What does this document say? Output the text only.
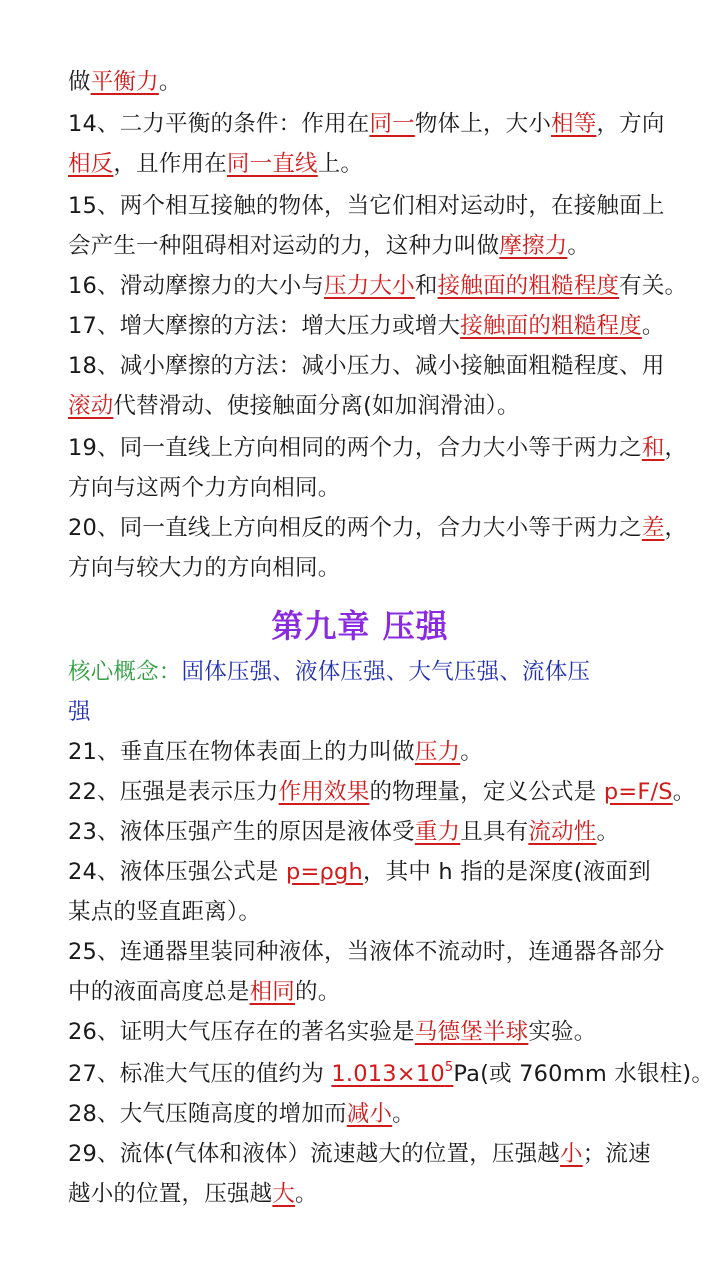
做平衡力。
14、二力平衡的条件：作用在同一物体上，大小相等，方向
相反，且作用在同一直线上。
15、两个相互接触的物体，当它们相对运动时，在接触面上
会产生一种阻碍相对运动的力，这种力叫做摩擦力。
16、滑动摩擦力的大小与压力大小和接触面的粗糙程度有关。
17、增大摩擦的方法：增大压力或增大接触面的粗糙程度。
18、减小摩擦的方法：减小压力、减小接触面粗糙程度、用
滚动代替滑动、使接触面分离(如加润滑油）。
19、同一直线上方向相同的两个力，合力大小等于两力之和，
方向与这两个力方向相同。
20、同一直线上方向相反的两个力，合力大小等于两力之差，
方向与较大力的方向相同。
第九章 压强
核心概念：固体压强、液体压强、大气压强、流体压
强
21、垂直压在物体表面上的力叫做压力。
22、压强是表示压力作用效果的物理量，定义公式是 p=F/S。
23、液体压强产生的原因是液体受重力且具有流动性。
24、液体压强公式是 p=ρgh，其中 h 指的是深度(液面到
某点的竖直距离）。
25、连通器里装同种液体，当液体不流动时，连通器各部分
中的液面高度总是相同的。
26、证明大气压存在的著名实验是马德堡半球实验。
27、标准大气压的值约为 $1.013\times 10^5Pa$(或 760mm 水银柱)。
28、大气压随高度的增加而减小。
29、流体(气体和液体）流速越大的位置，压强越小；流速
越小的位置，压强越大。
